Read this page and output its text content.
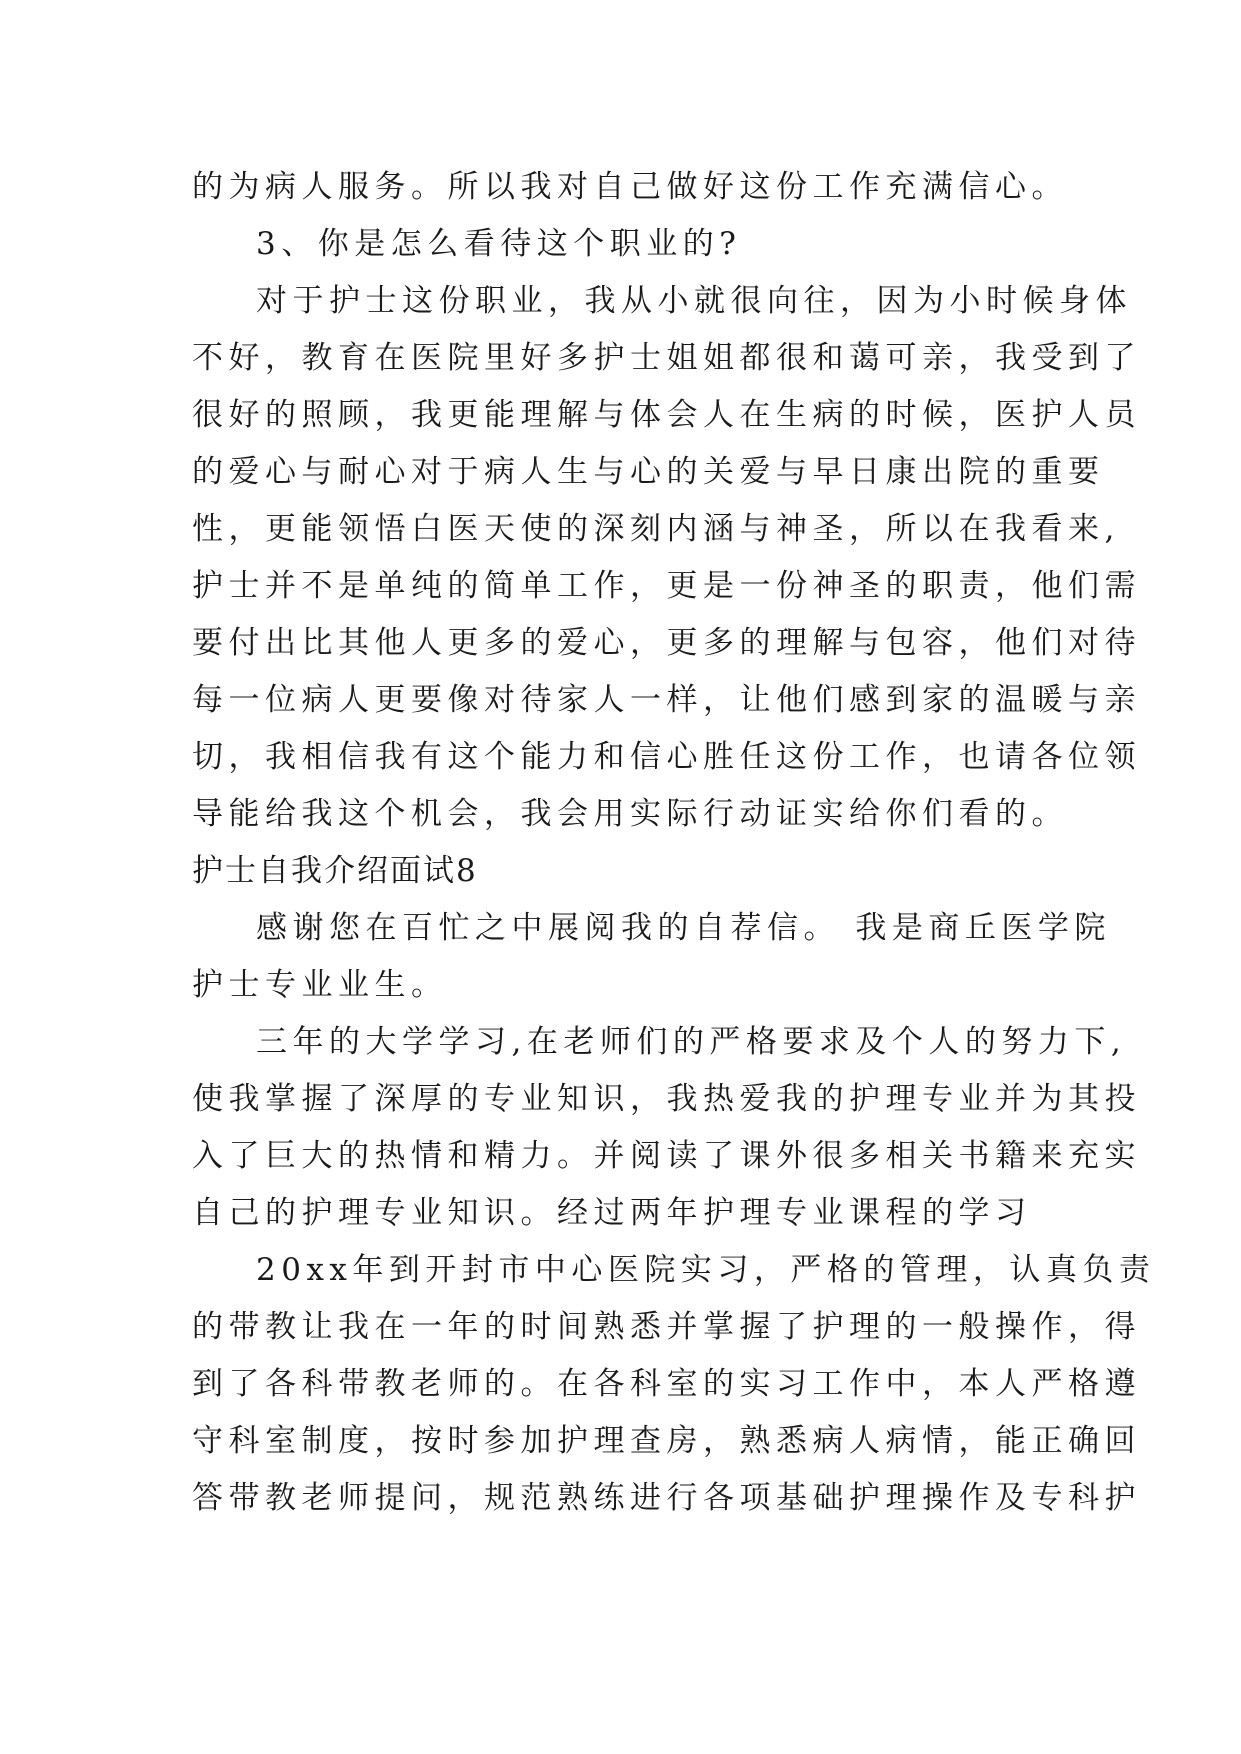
的为病人服务。所以我对自己做好这份工作充满信心。

3、你是怎么看待这个职业的?

对于护士这份职业，我从小就很向往，因为小时候身体

不好，教育在医院里好多护士姐姐都很和蔼可亲，我受到了

很好的照顾，我更能理解与体会人在生病的时候，医护人员

的爱心与耐心对于病人生与心的关爱与早日康出院的重要

性，更能领悟白医天使的深刻内涵与神圣，所以在我看来,

护士并不是单纯的简单工作，更是一份神圣的职责，他们需

要付出比其他人更多的爱心，更多的理解与包容，他们对待

每一位病人更要像对待家人一样，让他们感到家的温暖与亲

切，我相信我有这个能力和信心胜任这份工作，也请各位领

导能给我这个机会，我会用实际行动证实给你们看的。

护士自我介绍面试8

感谢您在百忙之中展阅我的自荐信。 我是商丘医学院

护士专业业生。

三年的大学学习,在老师们的严格要求及个人的努力下,

使我掌握了深厚的专业知识，我热爱我的护理专业并为其投

入了巨大的热情和精力。并阅读了课外很多相关书籍来充实

自己的护理专业知识。经过两年护理专业课程的学习

20xx年到开封市中心医院实习，严格的管理，认真负责

的带教让我在一年的时间熟悉并掌握了护理的一般操作，得

到了各科带教老师的。在各科室的实习工作中，本人严格遵

守科室制度，按时参加护理查房，熟悉病人病情，能正确回

答带教老师提问，规范熟练进行各项基础护理操作及专科护
